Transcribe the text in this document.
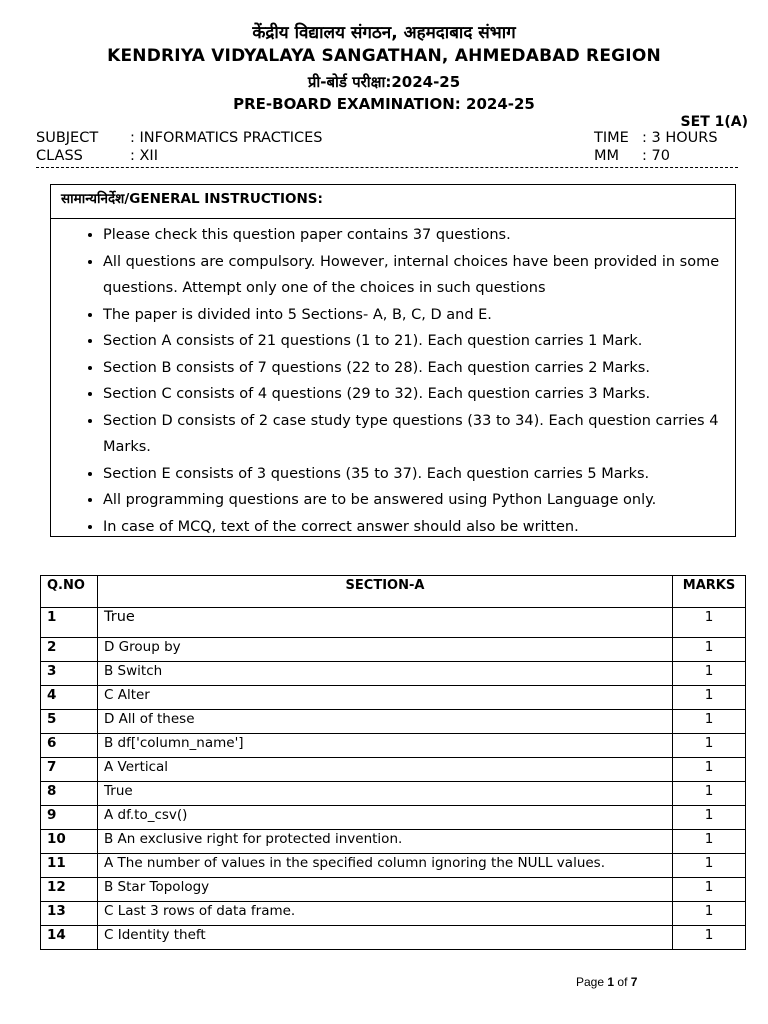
केंद्रीय विद्यालय संगठन, अहमदाबाद संभाग
KENDRIYA VIDYALAYA SANGATHAN, AHMEDABAD REGION
प्री-बोर्ड परीक्षा:2024-25
PRE-BOARD EXAMINATION: 2024-25
SET 1(A)
SUBJECT : INFORMATICS PRACTICES
CLASS	: XII
TIME : 3 HOURS
MM : 70
सामान्यनिर्देश/GENERAL INSTRUCTIONS:
• Please check this question paper contains 37 questions.
• All questions are compulsory. However, internal choices have been provided in some questions. Attempt only one of the choices in such questions
• The paper is divided into 5 Sections- A, B, C, D and E.
• Section A consists of 21 questions (1 to 21). Each question carries 1 Mark.
• Section B consists of 7 questions (22 to 28). Each question carries 2 Marks.
• Section C consists of 4 questions (29 to 32). Each question carries 3 Marks.
• Section D consists of 2 case study type questions (33 to 34). Each question carries 4 Marks.
• Section E consists of 3 questions (35 to 37). Each question carries 5 Marks.
• All programming questions are to be answered using Python Language only.
• In case of MCQ, text of the correct answer should also be written.
Q.NO	SECTION-A	MARKS
1	True	1
2	D Group by	1
3	B Switch	1
4	C Alter	1
5	D All of these	1
6	B df['column_name']	1
7	A Vertical	1
8	True	1
9	A df.to_csv()	1
10	B An exclusive right for protected invention.	1
11	A The number of values in the specified column ignoring the NULL values.	1
12	B Star Topology	1
13	C Last 3 rows of data frame.	1
14	C Identity theft	1
Page 1 of 7
